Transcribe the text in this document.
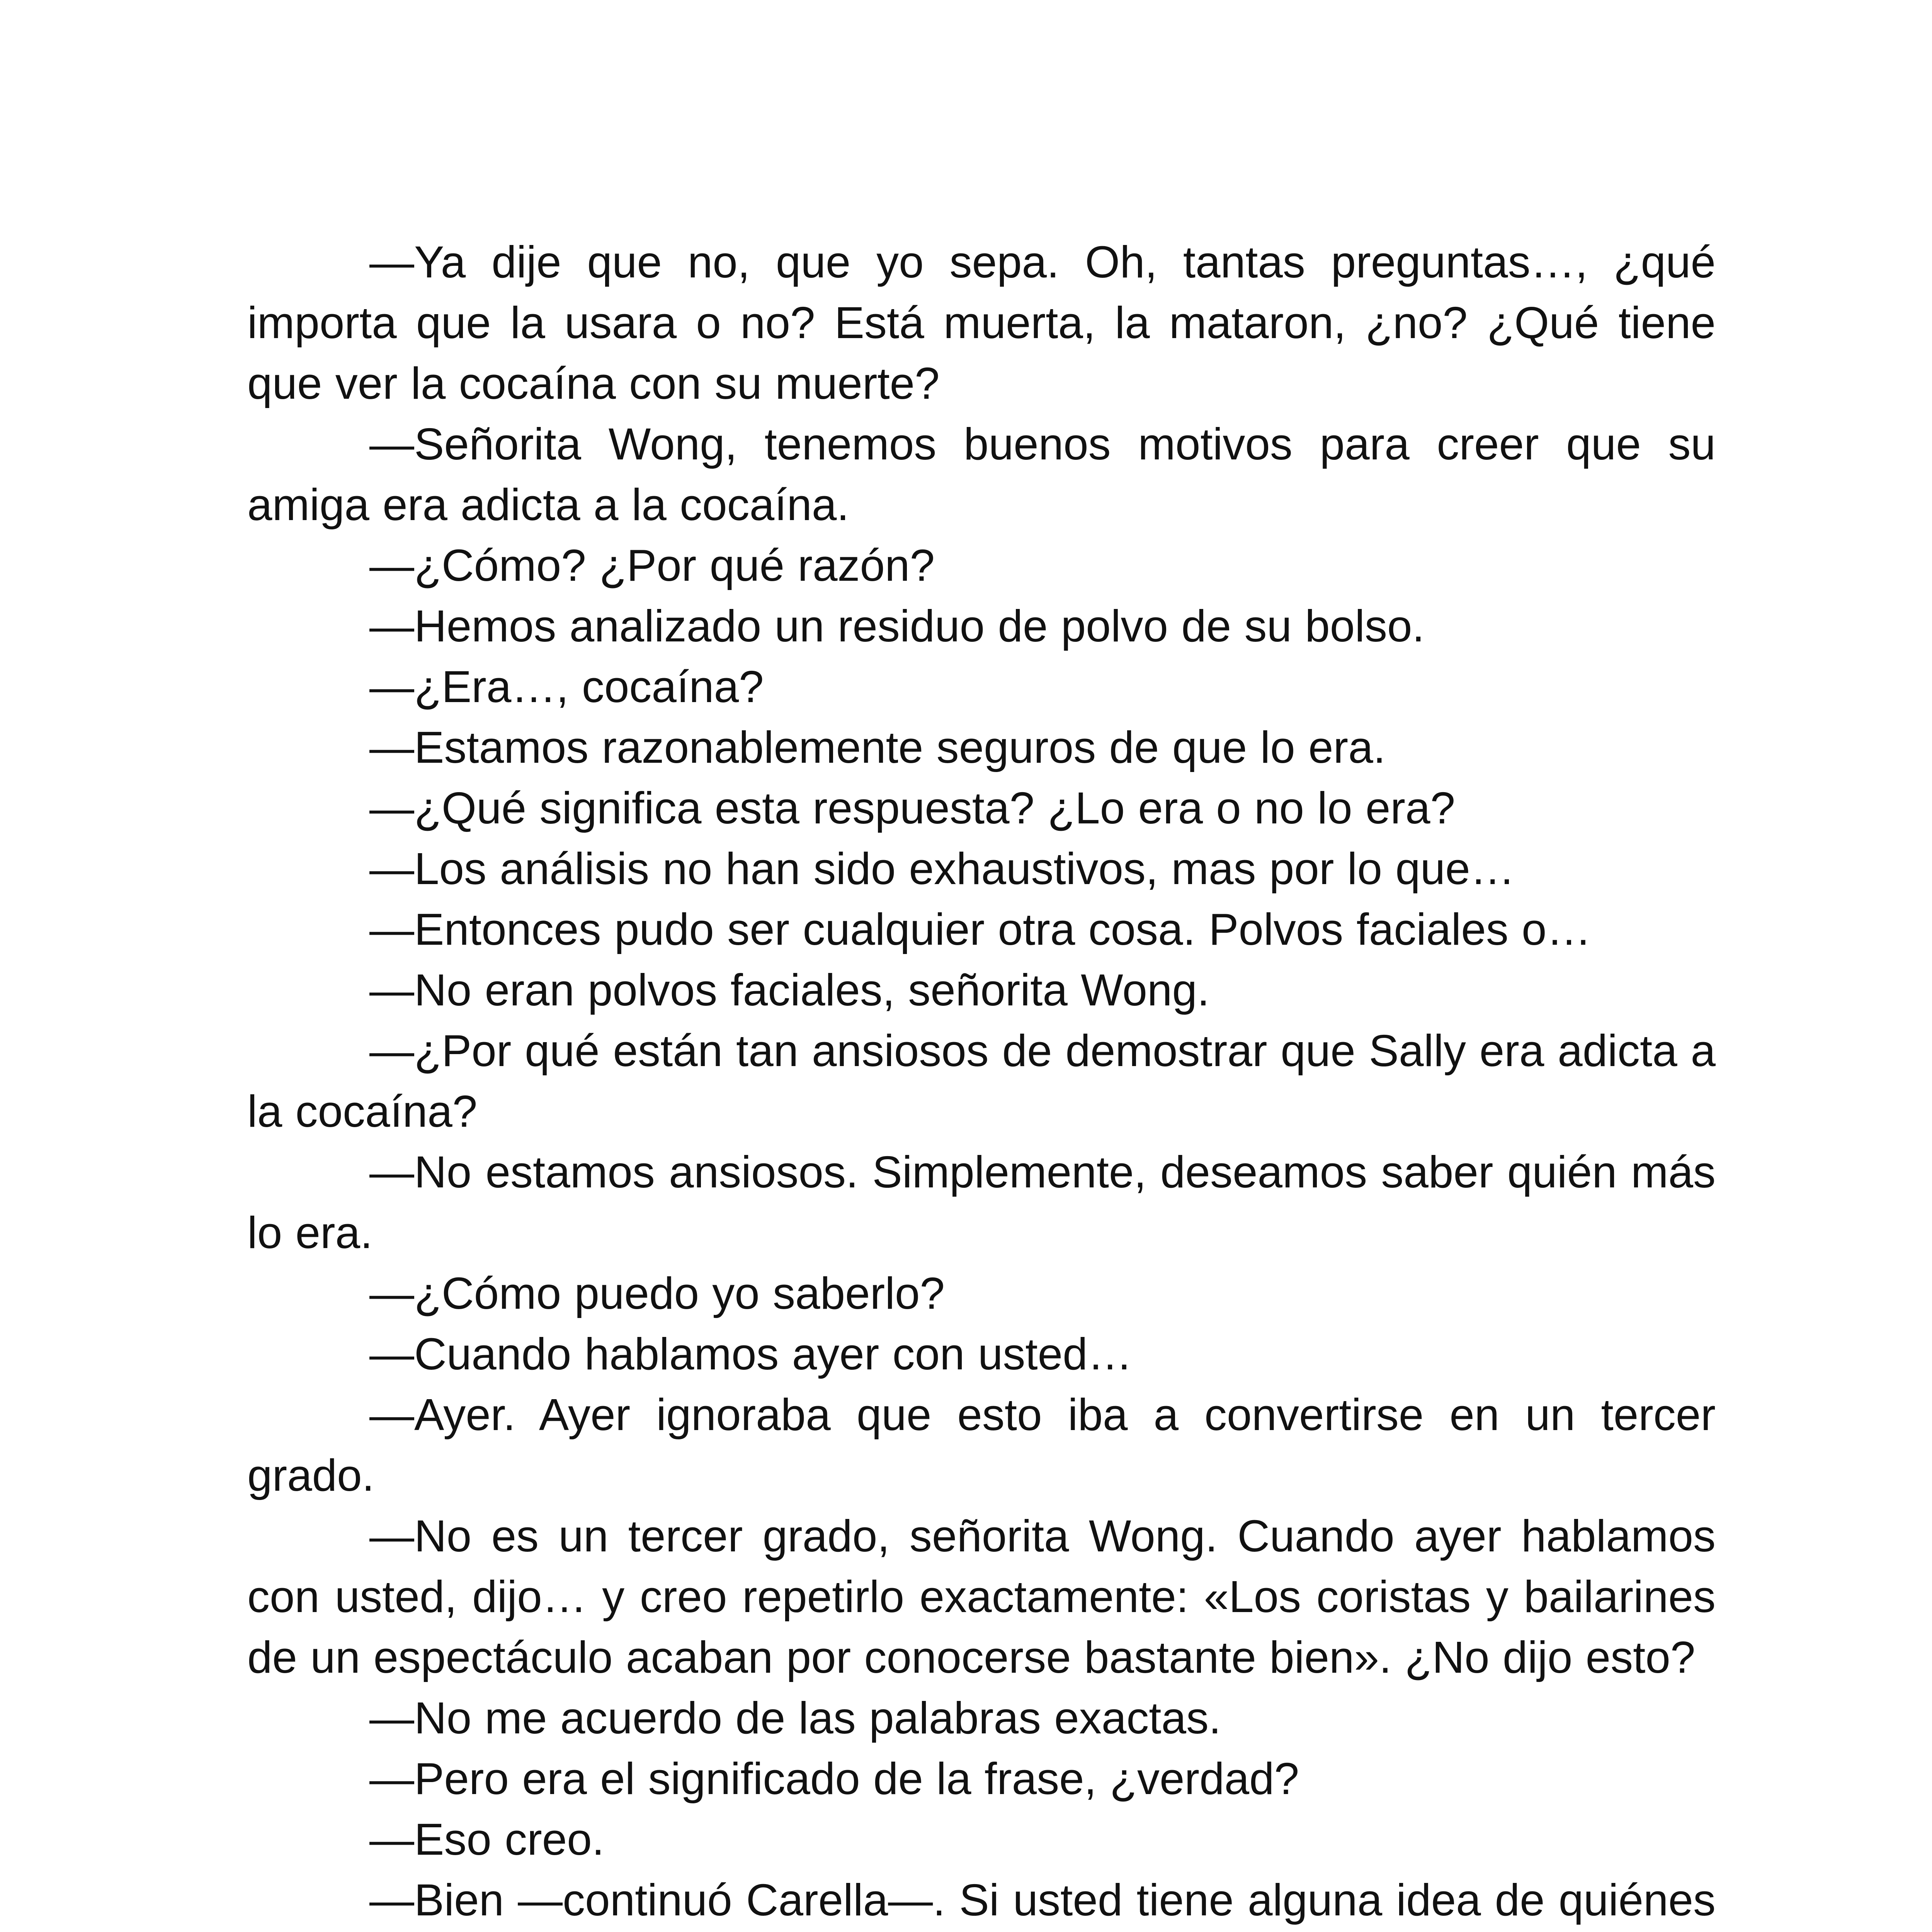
—Ya dije que no, que yo sepa. Oh, tantas preguntas…, ¿qué importa que la usara o no? Está muerta, la mataron, ¿no? ¿Qué tiene que ver la cocaína con su muerte?

—Señorita Wong, tenemos buenos motivos para creer que su amiga era adicta a la cocaína.

—¿Cómo? ¿Por qué razón?

—Hemos analizado un residuo de polvo de su bolso.

—¿Era…, cocaína?

—Estamos razonablemente seguros de que lo era.

—¿Qué significa esta respuesta? ¿Lo era o no lo era?

—Los análisis no han sido exhaustivos, mas por lo que…

—Entonces pudo ser cualquier otra cosa. Polvos faciales o…

—No eran polvos faciales, señorita Wong.

—¿Por qué están tan ansiosos de demostrar que Sally era adicta a la cocaína?

—No estamos ansiosos. Simplemente, deseamos saber quién más lo era.

—¿Cómo puedo yo saberlo?

—Cuando hablamos ayer con usted…

—Ayer. Ayer ignoraba que esto iba a convertirse en un tercer grado.

—No es un tercer grado, señorita Wong. Cuando ayer hablamos con usted, dijo… y creo repetirlo exactamente: «Los coristas y bailarines de un espectáculo acaban por conocerse bastante bien». ¿No dijo esto?

—No me acuerdo de las palabras exactas.

—Pero era el significado de la frase, ¿verdad?

—Eso creo.

—Bien —continuó Carella—. Si usted tiene alguna idea de quiénes
